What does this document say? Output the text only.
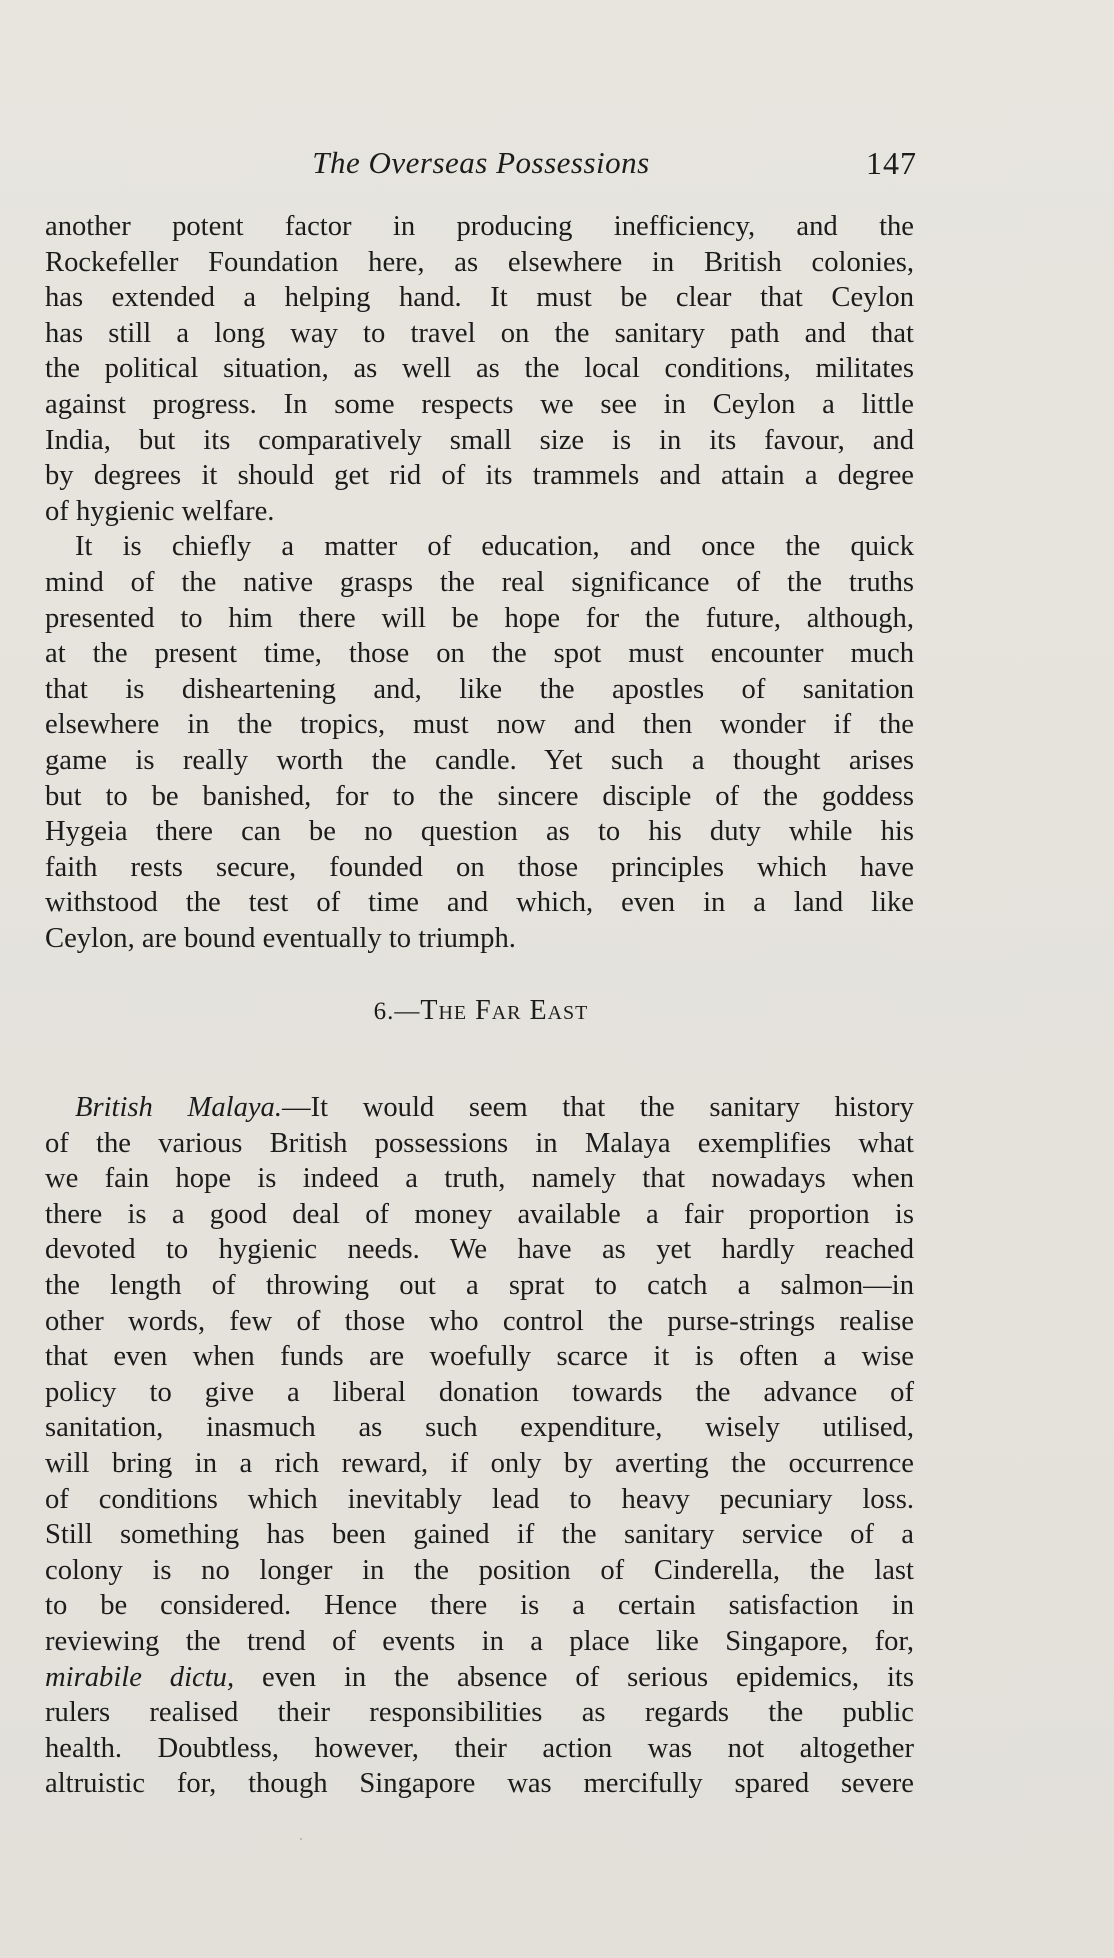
The Overseas Possessions	147
another potent factor in producing inefficiency, and the
Rockefeller Foundation here, as elsewhere in British colonies,
has extended a helping hand. It must be clear that Ceylon
has still a long way to travel on the sanitary path and that
the political situation, as well as the local conditions, militates
against progress. In some respects we see in Ceylon a little
India, but its comparatively small size is in its favour, and
by degrees it should get rid of its trammels and attain a degree
of hygienic welfare.
It is chiefly a matter of education, and once the quick
mind of the native grasps the real significance of the truths
presented to him there will be hope for the future, although,
at the present time, those on the spot must encounter much
that is disheartening and, like the apostles of sanitation
elsewhere in the tropics, must now and then wonder if the
game is really worth the candle. Yet such a thought arises
but to be banished, for to the sincere disciple of the goddess
Hygeia there can be no question as to his duty while his
faith rests secure, founded on those principles which have
withstood the test of time and which, even in a land like
Ceylon, are bound eventually to triumph.
6.—The Far East
British Malaya.—It would seem that the sanitary history
of the various British possessions in Malaya exemplifies what
we fain hope is indeed a truth, namely that nowadays when
there is a good deal of money available a fair proportion is
devoted to hygienic needs. We have as yet hardly reached
the length of throwing out a sprat to catch a salmon—in
other words, few of those who control the purse-strings realise
that even when funds are woefully scarce it is often a wise
policy to give a liberal donation towards the advance of
sanitation, inasmuch as such expenditure, wisely utilised,
will bring in a rich reward, if only by averting the occurrence
of conditions which inevitably lead to heavy pecuniary loss.
Still something has been gained if the sanitary service of a
colony is no longer in the position of Cinderella, the last
to be considered. Hence there is a certain satisfaction in
reviewing the trend of events in a place like Singapore, for,
mirabile dictu, even in the absence of serious epidemics, its
rulers realised their responsibilities as regards the public
health. Doubtless, however, their action was not altogether
altruistic for, though Singapore was mercifully spared severe
